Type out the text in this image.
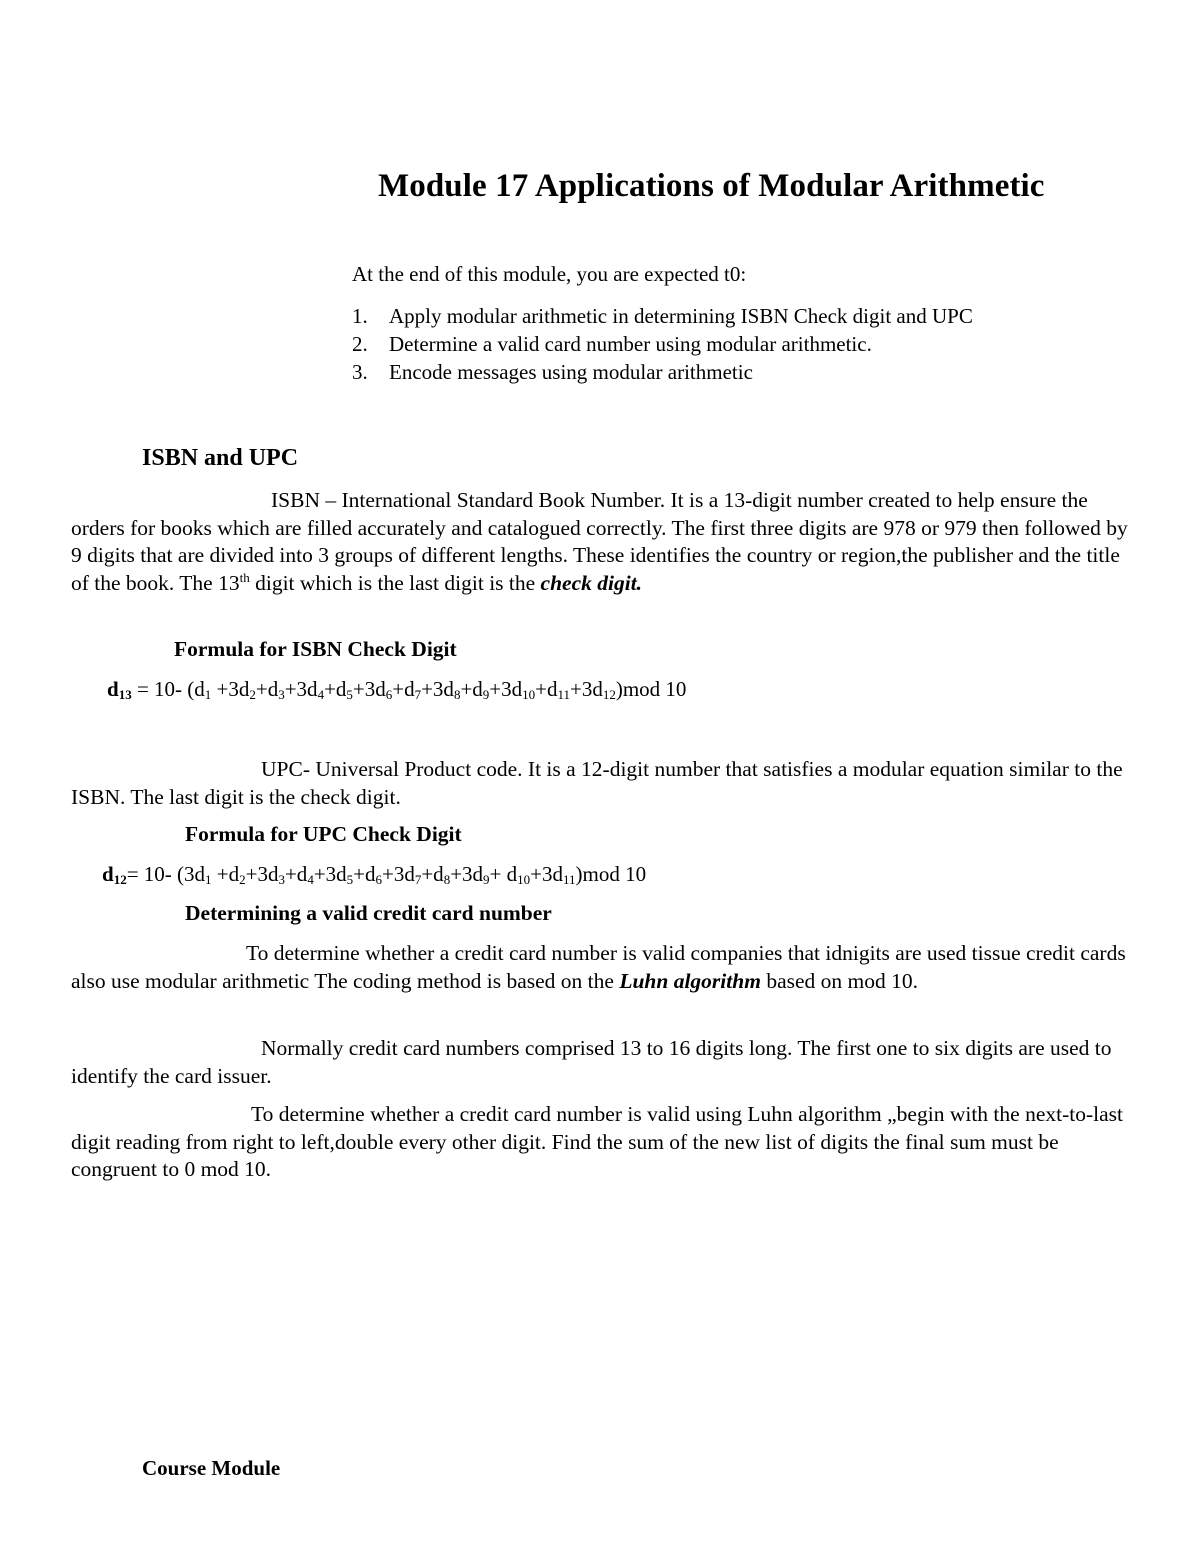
Module 17 Applications of Modular Arithmetic
At the end of this module, you are expected t0:
1. Apply modular arithmetic in determining ISBN Check digit and UPC
2. Determine a valid card number using modular arithmetic.
3. Encode messages using modular arithmetic
ISBN and UPC

ISBN – International Standard Book Number. It is a 13-digit number created to help ensure the orders for books which are filled accurately and catalogued correctly. The first three digits are 978 or 979 then followed by 9 digits that are divided into 3 groups of different lengths. These identifies the country or region,the publisher and the title of the book. The 13th digit which is the last digit is the check digit.

Formula for ISBN Check Digit
$d_{13} = 10-$ $(d_1 +3d_2+d_3+3d_4+d_5+3d_6+d_7+3d_8+d_9+3d_{10}+d_{11}+3d_{12})mod$ 10

UPC- Universal Product code. It is a 12-digit number that satisfies a modular equation similar to the ISBN. The last digit is the check digit.

Formula for UPC Check Digit
$d_{12}= 10-$ $(3d_1 +d_2+3d_3+d_4+3d_5+d_6+3d_7+d_8+3d_9+ d_{10}+3d_{11})mod$ 10
Determining a valid credit card number

To determine whether a credit card number is valid companies that idnigits are used tissue credit cards also use modular arithmetic The coding method is based on the Luhn algorithm based on mod 10.

Normally credit card numbers comprised 13 to 16 digits long. The first one to six digits are used to identify the card issuer.

To determine whether a credit card number is valid using Luhn algorithm „begin with the next-to-last digit reading from right to left,double every other digit. Find the sum of the new list of digits the final sum must be congruent to 0 mod 10.

Course Module
